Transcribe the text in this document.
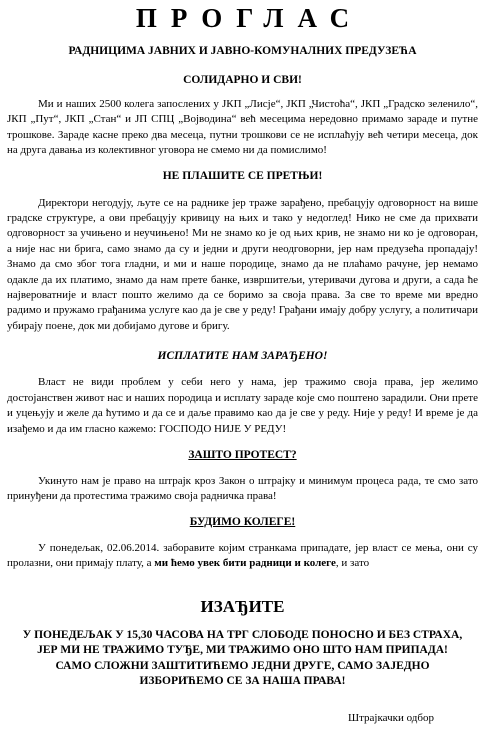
ПРОГЛАС
РАДНИЦИМА ЈАВНИХ И ЈАВНО-КОМУНАЛНИХ ПРЕДУЗЕЋА
СОЛИДАРНО И СВИ!

Ми и наших 2500 колега запослених у ЈКП „Лисје“, ЈКП „Чистоћа“, ЈКП „Градско зеленило“, ЈКП „Пут“, ЈКП „Стан“ и ЈП СПЦ „Војводина“ већ месецима нередовно примамо зараде и путне трошкове. Зараде касне преко два месеца, путни трошкови се не исплаћују већ четири месеца, док на друга давања из колективног уговора не смемо ни да помислимо!

НЕ ПЛАШИТЕ СЕ ПРЕТЊИ!

Директори негодују, љуте се на раднике јер траже зарађено, пребацују одговорност на више градске структуре, а ови пребацују кривицу на њих и тако у недоглед! Нико не сме да прихвати одговорност за учињено и неучињено! Ми не знамо ко је од њих крив, не знамо ни ко је одговоран, а није нас ни брига, само знамо да су и једни и други неодговорни, јер нам предузећа пропадају! Знамо да смо због тога гладни, и ми и наше породице, знамо да не плаћамо рачуне, јер немамо одакле да их платимо, знамо да нам прете банке, извршитељи, утеривачи дугова и други, а сада ће највероватније и власт пошто желимо да се боримо за своја права. За све то време ми вредно радимо и пружамо грађанима услуге као да је све у реду! Грађани имају добру услугу, а политичари убирају поене, док ми добијамо дугове и бригу.

ИСПЛАТИТЕ НАМ ЗАРАЂЕНО!

Власт не види проблем у себи него у нама, јер тражимо своја права, јер желимо достојанствен живот нас и наших породица и исплату зараде које смо поштено зарадили. Они прете и уцењују и желе да ћутимо и да се и даље правимо као да је све у реду. Није у реду! И време је да изађемо и да им гласно кажемо: ГОСПОДО НИЈЕ У РЕДУ!

ЗАШТО ПРОТЕСТ?

Укинуто нам је право на штрајк кроз Закон о штрајку и минимум процеса рада, те смо зато принуђени да протестима тражимо своја радничка права!

БУДИМО КОЛЕГЕ!

У понедељак, 02.06.2014. заборавите којим странкама припадате, јер власт се мења, они су пролазни, они примају плату, а ми ћемо увек бити радници и колеге, и зато

ИЗАЂИТЕ

У ПОНЕДЕЉАК У 15,30 ЧАСОВА НА ТРГ СЛОБОДЕ ПОНОСНО И БЕЗ СТРАХА,

ЈЕР МИ НЕ ТРАЖИМО ТУЂЕ, МИ ТРАЖИМО ОНО ШТО НАМ ПРИПАДА!

САМО СЛОЖНИ ЗАШТИТИЋЕМО ЈЕДНИ ДРУГЕ, САМО ЗАЈЕДНО

ИЗБОРИЋЕМО СЕ ЗА НАША ПРАВА!

Штрајкачки одбор
